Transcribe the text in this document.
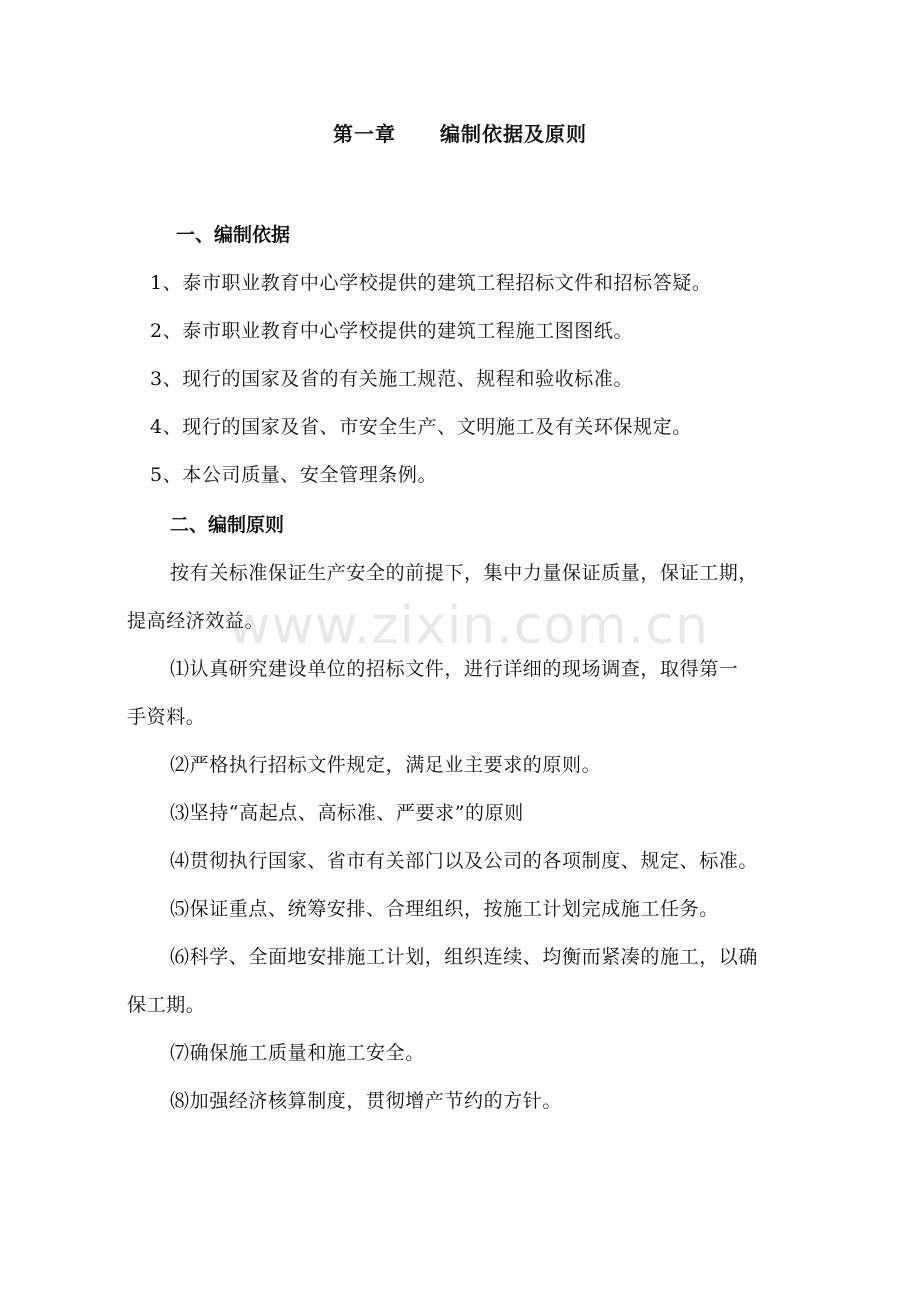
第一章 编制依据及原则
一、编制依据
1、泰市职业教育中心学校提供的建筑工程招标文件和招标答疑。
2、泰市职业教育中心学校提供的建筑工程施工图图纸。
3、现行的国家及省的有关施工规范、规程和验收标准。
4、现行的国家及省、市安全生产、文明施工及有关环保规定。
5、本公司质量、安全管理条例。
二、编制原则
按有关标准保证生产安全的前提下，集中力量保证质量，保证工期，
提高经济效益。
⑴认真研究建设单位的招标文件，进行详细的现场调查，取得第一
手资料。
⑵严格执行招标文件规定，满足业主要求的原则。
⑶坚持“高起点、高标准、严要求”的原则
⑷贯彻执行国家、省市有关部门以及公司的各项制度、规定、标准。
⑸保证重点、统筹安排、合理组织，按施工计划完成施工任务。
⑹科学、全面地安排施工计划，组织连续、均衡而紧凑的施工，以确
保工期。
⑺确保施工质量和施工安全。
⑻加强经济核算制度，贯彻增产节约的方针。
www.zixin.com.cn
